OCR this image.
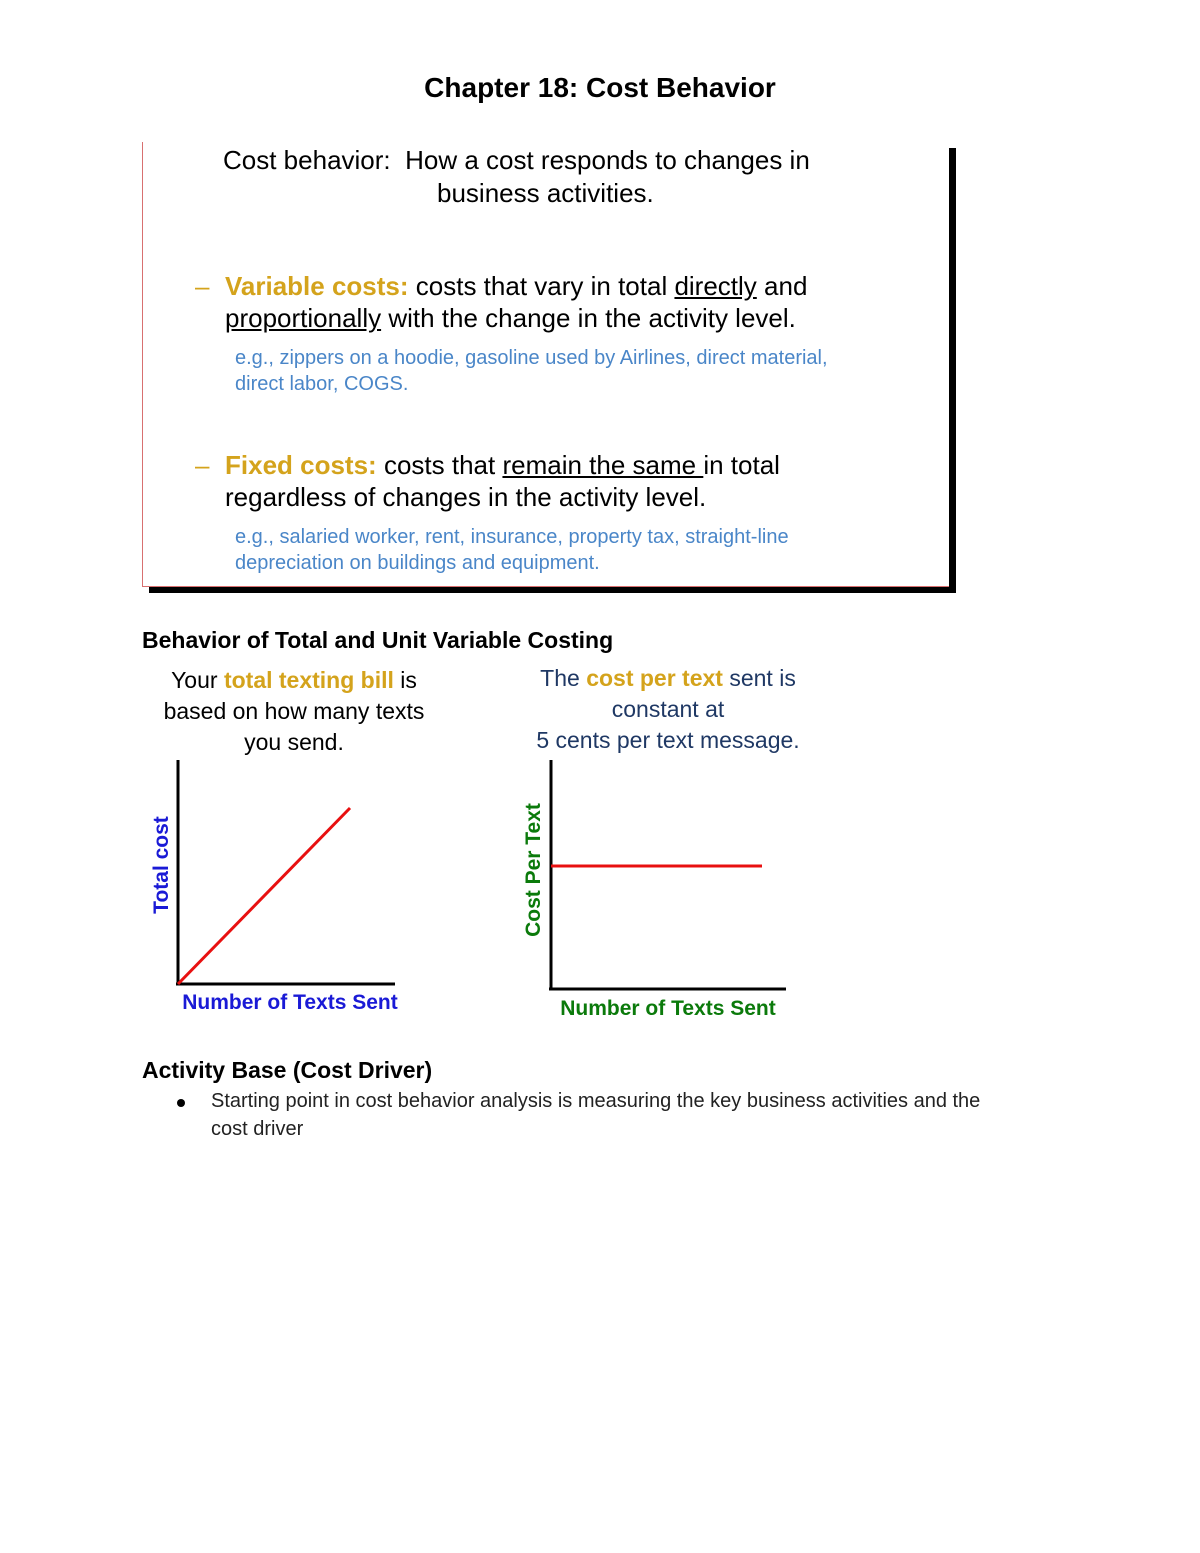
Chapter 18: Cost Behavior
Cost behavior: How a cost responds to changes in
business activities.
– Variable costs: costs that vary in total directly and
proportionally with the change in the activity level.
e.g., zippers on a hoodie, gasoline used by Airlines, direct material,
direct labor, COGS.
– Fixed costs: costs that remain the same in total
regardless of changes in the activity level.
e.g., salaried worker, rent, insurance, property tax, straight-line
depreciation on buildings and equipment.
Behavior of Total and Unit Variable Costing
Your total texting bill is
based on how many texts
you send.
The cost per text sent is
constant at
5 cents per text message.
Total cost
Number of Texts Sent
Cost Per Text
Number of Texts Sent
Activity Base (Cost Driver)
Starting point in cost behavior analysis is measuring the key business activities and the
cost driver
